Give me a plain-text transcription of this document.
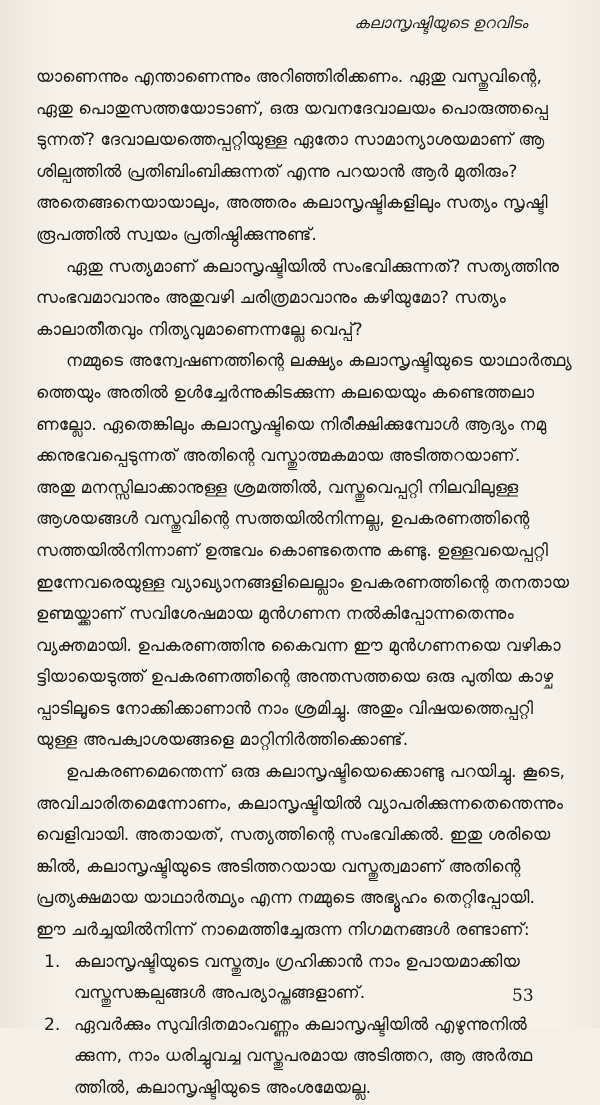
കലാസൃഷ്ടിയുടെ ഉറവിടം

യാണെന്നും എന്താണെന്നും അറിഞ്ഞിരിക്കണം. ഏതു വസ്തുവിന്റെ,
ഏതു പൊതുസത്തയോടാണ്, ഒരു യവനദേവാലയം പൊരുത്തപ്പെ
ടുന്നത്? ദേവാലയത്തെപ്പറ്റിയുള്ള ഏതോ സാമാന്യാശയമാണ് ആ
ശില്പത്തിൽ പ്രതിബിംബിക്കുന്നത് എന്നു പറയാൻ ആർ മുതിരും?
അതെങ്ങനെയായാലും, അത്തരം കലാസൃഷ്ടികളിലും സത്യം സൃഷ്ടി
രൂപത്തിൽ സ്വയം പ്രതിഷ്ഠിക്കുന്നുണ്ട്.

ഏതു സത്യമാണ് കലാസൃഷ്ടിയിൽ സംഭവിക്കുന്നത്? സത്യത്തിനു
സംഭവമാവാനും അതുവഴി ചരിത്രമാവാനും കഴിയുമോ? സത്യം
കാലാതീതവും നിത്യവുമാണെന്നല്ലേ വെപ്പ്?

നമ്മുടെ അന്വേഷണത്തിന്റെ ലക്ഷ്യം കലാസൃഷ്ടിയുടെ യാഥാർത്ഥ്യ
ത്തെയും അതിൽ ഉൾച്ചേർന്നുകിടക്കുന്ന കലയെയും കണ്ടെത്തലാ
ണല്ലോ. ഏതെങ്കിലും കലാസൃഷ്ടിയെ നിരീക്ഷിക്കുമ്പോൾ ആദ്യം നമു
ക്കനുഭവപ്പെടുന്നത് അതിന്റെ വസ്തുാത്മകമായ അടിത്തറയാണ്.
അതു മനസ്സിലാക്കാനുള്ള ശ്രമത്തിൽ, വസ്തുവെപ്പറ്റി നിലവിലുള്ള
ആശയങ്ങൾ വസ്തുവിന്റെ സത്തയിൽനിന്നല്ല, ഉപകരണത്തിന്റെ
സത്തയിൽനിന്നാണ് ഉത്ഭവം കൊണ്ടതെന്നു കണ്ടു. ഉള്ളവയെപ്പറ്റി
ഇന്നേവരെയുള്ള വ്യാഖ്യാനങ്ങളിലെല്ലാം ഉപകരണത്തിന്റെ തനതായ
ഉണ്മയ്ക്കാണ് സവിശേഷമായ മുൻഗണന നൽകിപ്പോന്നതെന്നും
വ്യക്തമായി. ഉപകരണത്തിനു കൈവന്ന ഈ മുൻഗണനയെ വഴികാ
ട്ടിയായെടുത്ത് ഉപകരണത്തിന്റെ അന്തസത്തയെ ഒരു പുതിയ കാഴ്ച
പ്പാടിലൂടെ നോക്കിക്കാണാൻ നാം ശ്രമിച്ചു. അതും വിഷയത്തെപ്പറ്റി
യുള്ള അപക്വാശയങ്ങളെ മാറ്റിനിർത്തിക്കൊണ്ട്.

ഉപകരണമെന്തെന്ന് ഒരു കലാസൃഷ്ടിയെക്കൊണ്ടു പറയിച്ചു. കൂടെ,
അവിചാരിതമെന്നോണം, കലാസൃഷ്ടിയിൽ വ്യാപരിക്കുന്നതെന്തെന്നും
വെളിവായി. അതായത്, സത്യത്തിന്റെ സംഭവിക്കൽ. ഇതു ശരിയെ
ങ്കിൽ, കലാസൃഷ്ടിയുടെ അടിത്തറയായ വസ്തുത്വമാണ് അതിന്റെ
പ്രത്യക്ഷമായ യാഥാർത്ഥ്യം എന്ന നമ്മുടെ അഭ്യൂഹം തെറ്റിപ്പോയി.
ഈ ചർച്ചയിൽനിന്ന് നാമെത്തിച്ചേരുന്ന നിഗമനങ്ങൾ രണ്ടാണ്:

1. കലാസൃഷ്ടിയുടെ വസ്തുത്വം ഗ്രഹിക്കാൻ നാം ഉപായമാക്കിയ
വസ്തുസങ്കല്പങ്ങൾ അപര്യാപ്തങ്ങളാണ്.
2. ഏവർക്കും സുവിദിതമാംവണ്ണം കലാസൃഷ്ടിയിൽ എഴുന്നുനിൽ
ക്കുന്ന, നാം ധരിച്ചുവച്ച വസ്തുപരമായ അടിത്തറ, ആ അർത്ഥ
ത്തിൽ, കലാസൃഷ്ടിയുടെ അംശമേയല്ല.
53
